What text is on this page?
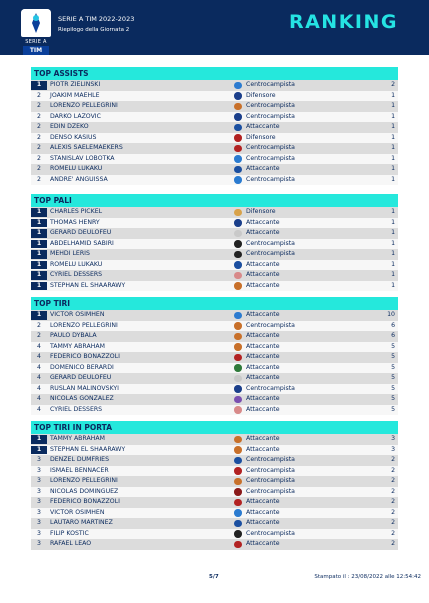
SERIE A
TIM
SERIE A TIM 2022-2023
Riepilogo della Giornata 2	RANKING
TOP ASSISTS
1	PIOTR ZIELINSKI	Centrocampista	2
2	JOAKIM MAEHLE	Difensore	1
2	LORENZO PELLEGRINI	Centrocampista	1
2	DARKO LAZOVIC	Centrocampista	1
2	EDIN DZEKO	Attaccante	1
2	DENSO KASIUS	Difensore	1
2	ALEXIS SAELEMAEKERS	Centrocampista	1
2	STANISLAV LOBOTKA	Centrocampista	1
2	ROMELU LUKAKU	Attaccante	1
2	ANDRE' ANGUISSA	Centrocampista	1
TOP PALI
1	CHARLES PICKEL	Difensore	1
1	THOMAS HENRY	Attaccante	1
1	GERARD DEULOFEU	Attaccante	1
1	ABDELHAMID SABIRI	Centrocampista	1
1	MEHDI LERIS	Centrocampista	1
1	ROMELU LUKAKU	Attaccante	1
1	CYRIEL DESSERS	Attaccante	1
1	STEPHAN EL SHAARAWY	Attaccante	1
TOP TIRI
1	VICTOR OSIMHEN	Attaccante	10
2	LORENZO PELLEGRINI	Centrocampista	6
2	PAULO DYBALA	Attaccante	6
4	TAMMY ABRAHAM	Attaccante	5
4	FEDERICO BONAZZOLI	Attaccante	5
4	DOMENICO BERARDI	Attaccante	5
4	GERARD DEULOFEU	Attaccante	5
4	RUSLAN MALINOVSKYI	Centrocampista	5
4	NICOLAS GONZALEZ	Attaccante	5
4	CYRIEL DESSERS	Attaccante	5
TOP TIRI IN PORTA
1	TAMMY ABRAHAM	Attaccante	3
1	STEPHAN EL SHAARAWY	Attaccante	3
3	DENZEL DUMFRIES	Centrocampista	2
3	ISMAEL BENNACER	Centrocampista	2
3	LORENZO PELLEGRINI	Centrocampista	2
3	NICOLAS DOMINGUEZ	Centrocampista	2
3	FEDERICO BONAZZOLI	Attaccante	2
3	VICTOR OSIMHEN	Attaccante	2
3	LAUTARO MARTINEZ	Attaccante	2
3	FILIP KOSTIC	Centrocampista	2
3	RAFAEL LEAO	Attaccante	2
5/7	Stampato il : 23/08/2022 alle 12:54:42
